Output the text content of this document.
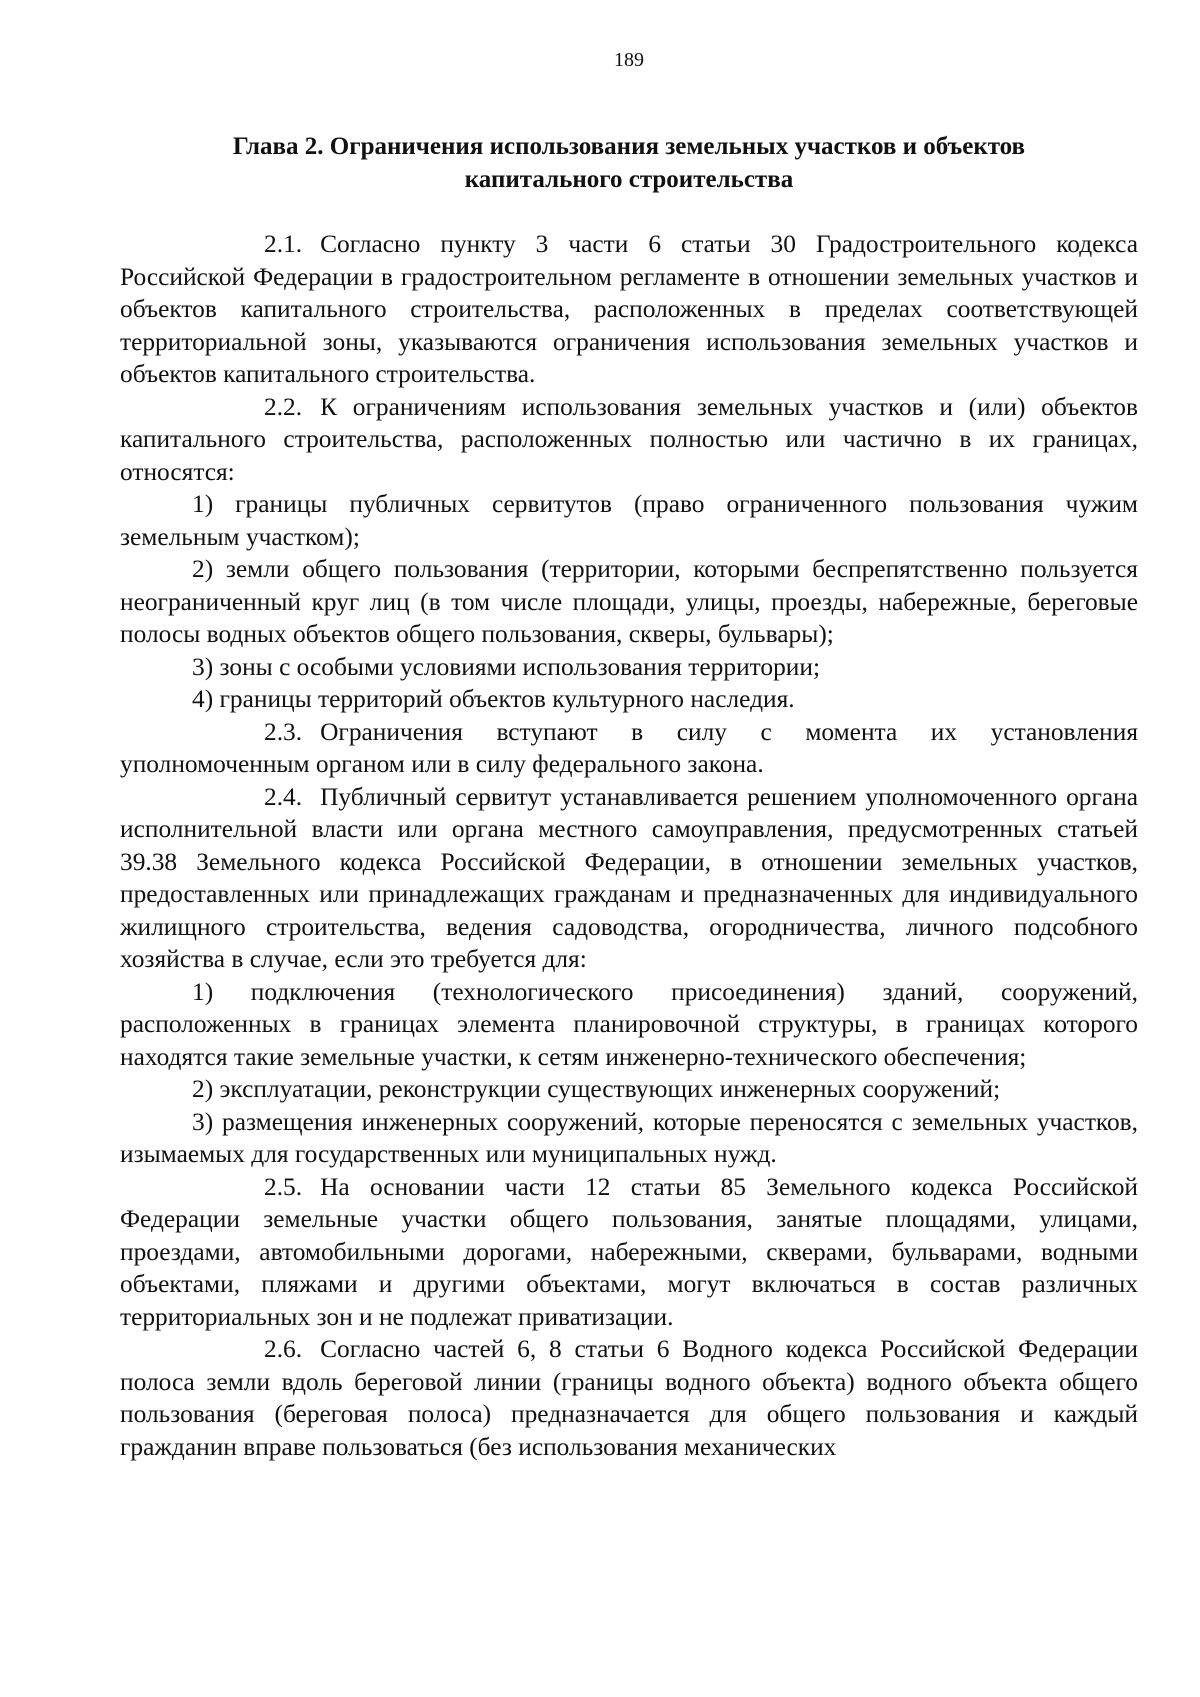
189
Глава 2. Ограничения использования земельных участков и объектов
капитального строительства

2.1. Согласно пункту 3 части 6 статьи 30 Градостроительного кодекса Российской Федерации в градостроительном регламенте в отношении земельных участков и объектов капитального строительства, расположенных в пределах соответствующей территориальной зоны, указываются ограничения использования земельных участков и объектов капитального строительства.

2.2. К ограничениям использования земельных участков и (или) объектов капитального строительства, расположенных полностью или частично в их границах, относятся:

1) границы публичных сервитутов (право ограниченного пользования чужим земельным участком);

2) земли общего пользования (территории, которыми беспрепятственно пользуется неограниченный круг лиц (в том числе площади, улицы, проезды, набережные, береговые полосы водных объектов общего пользования, скверы, бульвары);

3) зоны с особыми условиями использования территории;

4) границы территорий объектов культурного наследия.

2.3. Ограничения вступают в силу с момента их установления уполномоченным органом или в силу федерального закона.

2.4. Публичный сервитут устанавливается решением уполномоченного органа исполнительной власти или органа местного самоуправления, предусмотренных статьей 39.38 Земельного кодекса Российской Федерации, в отношении земельных участков, предоставленных или принадлежащих гражданам и предназначенных для индивидуального жилищного строительства, ведения садоводства, огородничества, личного подсобного хозяйства в случае, если это требуется для:

1) подключения (технологического присоединения) зданий, сооружений, расположенных в границах элемента планировочной структуры, в границах которого находятся такие земельные участки, к сетям инженерно-технического обеспечения;

2) эксплуатации, реконструкции существующих инженерных сооружений;

3) размещения инженерных сооружений, которые переносятся с земельных участков, изымаемых для государственных или муниципальных нужд.

2.5. На основании части 12 статьи 85 Земельного кодекса Российской Федерации земельные участки общего пользования, занятые площадями, улицами, проездами, автомобильными дорогами, набережными, скверами, бульварами, водными объектами, пляжами и другими объектами, могут включаться в состав различных территориальных зон и не подлежат приватизации.

2.6. Согласно частей 6, 8 статьи 6 Водного кодекса Российской Федерации полоса земли вдоль береговой линии (границы водного объекта) водного объекта общего пользования (береговая полоса) предназначается для общего пользования и каждый гражданин вправе пользоваться (без использования механических
